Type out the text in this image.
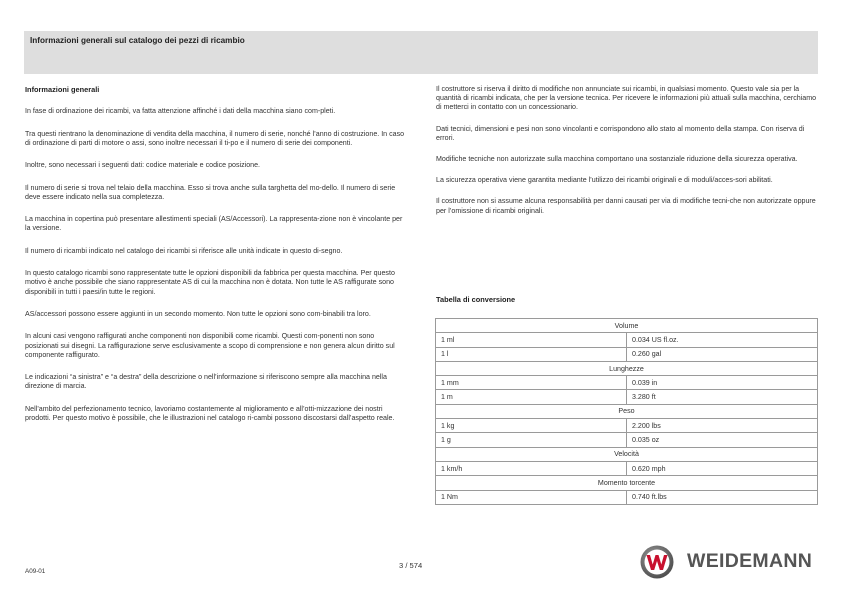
Informazioni generali sul catalogo dei pezzi di ricambio
Informazioni generali

In fase di ordinazione dei ricambi, va fatta attenzione affinché i dati della macchina siano com-pleti.

Tra questi rientrano la denominazione di vendita della macchina, il numero di serie, nonché l’anno di costruzione. In caso di ordinazione di parti di motore o assi, sono inoltre necessari il ti-po e il numero di serie dei componenti.

Inoltre, sono necessari i seguenti dati: codice materiale e codice posizione.

Il numero di serie si trova nel telaio della macchina. Esso si trova anche sulla targhetta del mo-dello. Il numero di serie deve essere indicato nella sua completezza.

La macchina in copertina può presentare allestimenti speciali (AS/Accessori). La rappresenta-zione non è vincolante per la versione.

Il numero di ricambi indicato nel catalogo dei ricambi si riferisce alle unità indicate in questo di-segno.

In questo catalogo ricambi sono rappresentate tutte le opzioni disponibili da fabbrica per questa macchina. Per questo motivo è anche possibile che siano rappresentate AS di cui la macchina non è dotata. Non tutte le AS raffigurate sono disponibili in tutti i paesi/in tutte le regioni.

AS/accessori possono essere aggiunti in un secondo momento. Non tutte le opzioni sono com-binabili tra loro.

In alcuni casi vengono raffigurati anche componenti non disponibili come ricambi. Questi com-ponenti non sono posizionati sui disegni. La raffigurazione serve esclusivamente a scopo di comprensione e non genera alcun diritto sul componente raffigurato.

Le indicazioni “a sinistra” e “a destra” della descrizione o nell’informazione si riferiscono sempre alla macchina nella direzione di marcia.

Nell’ambito del perfezionamento tecnico, lavoriamo costantemente al miglioramento e all’otti-mizzazione dei nostri prodotti. Per questo motivo è possibile, che le illustrazioni nel catalogo ri-cambi possono discostarsi dall’aspetto reale.

Il costruttore si riserva il diritto di modifiche non annunciate sui ricambi, in qualsiasi momento. Questo vale sia per la quantità di ricambi indicata, che per la versione tecnica. Per ricevere le informazioni più attuali sulla macchina, cerchiamo di metterci in contatto con un concessionario.

Dati tecnici, dimensioni e pesi non sono vincolanti e corrispondono allo stato al momento della stampa. Con riserva di errori.

Modifiche tecniche non autorizzate sulla macchina comportano una sostanziale riduzione della sicurezza operativa.

La sicurezza operativa viene garantita mediante l’utilizzo dei ricambi originali e di moduli/acces-sori abilitati.

Il costruttore non si assume alcuna responsabilità per danni causati per via di modifiche tecni-che non autorizzate oppure per l’omissione di ricambi originali.

Tabella di conversione
Volume	
1 ml	0.034 US fl.oz.
1 l	0.260 gal
Lunghezze	
1 mm	0.039 in
1 m	3.280 ft
Peso	
1 kg	2.200 lbs
1 g	0.035 oz
Velocità	
1 km/h	0.620 mph
Momento torcente	
1 Nm	0.740 ft.lbs
A09-01
3 / 574	WEIDEMANN
